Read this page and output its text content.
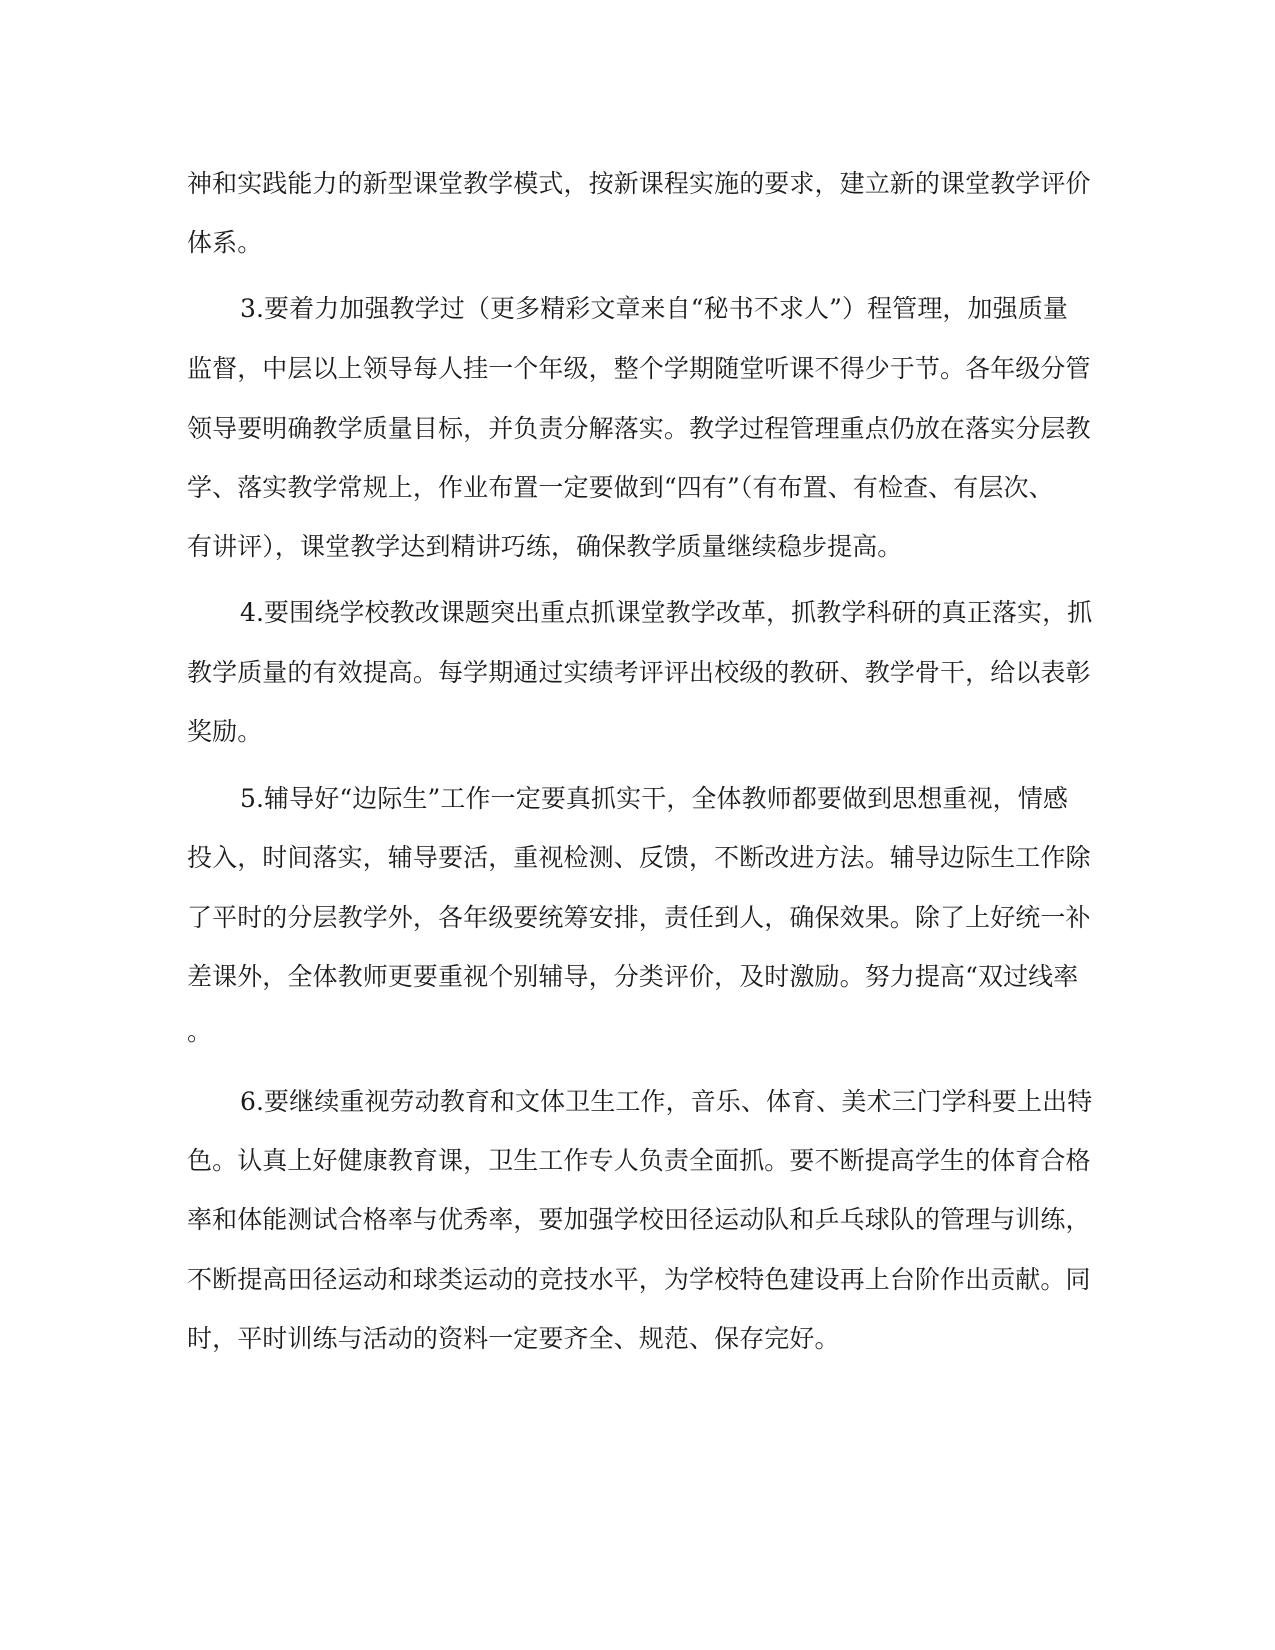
神和实践能力的新型课堂教学模式，按新课程实施的要求，建立新的课堂教学评价
体系。
3.要着力加强教学过（更多精彩文章来自“秘书不求人”）程管理，加强质量
监督，中层以上领导每人挂一个年级，整个学期随堂听课不得少于节。各年级分管
领导要明确教学质量目标，并负责分解落实。教学过程管理重点仍放在落实分层教
学、落实教学常规上，作业布置一定要做到“四有”（有布置、有检查、有层次、
有讲评），课堂教学达到精讲巧练，确保教学质量继续稳步提高。
4.要围绕学校教改课题突出重点抓课堂教学改革，抓教学科研的真正落实，抓
教学质量的有效提高。每学期通过实绩考评评出校级的教研、教学骨干，给以表彰
奖励。
5.辅导好“边际生”工作一定要真抓实干，全体教师都要做到思想重视，情感
投入，时间落实，辅导要活，重视检测、反馈，不断改进方法。辅导边际生工作除
了平时的分层教学外，各年级要统筹安排，责任到人，确保效果。除了上好统一补
差课外，全体教师更要重视个别辅导，分类评价，及时激励。努力提高“双过线率
。
6.要继续重视劳动教育和文体卫生工作，音乐、体育、美术三门学科要上出特
色。认真上好健康教育课，卫生工作专人负责全面抓。要不断提高学生的体育合格
率和体能测试合格率与优秀率，要加强学校田径运动队和乒乓球队的管理与训练，
不断提高田径运动和球类运动的竞技水平，为学校特色建设再上台阶作出贡献。同
时，平时训练与活动的资料一定要齐全、规范、保存完好。
